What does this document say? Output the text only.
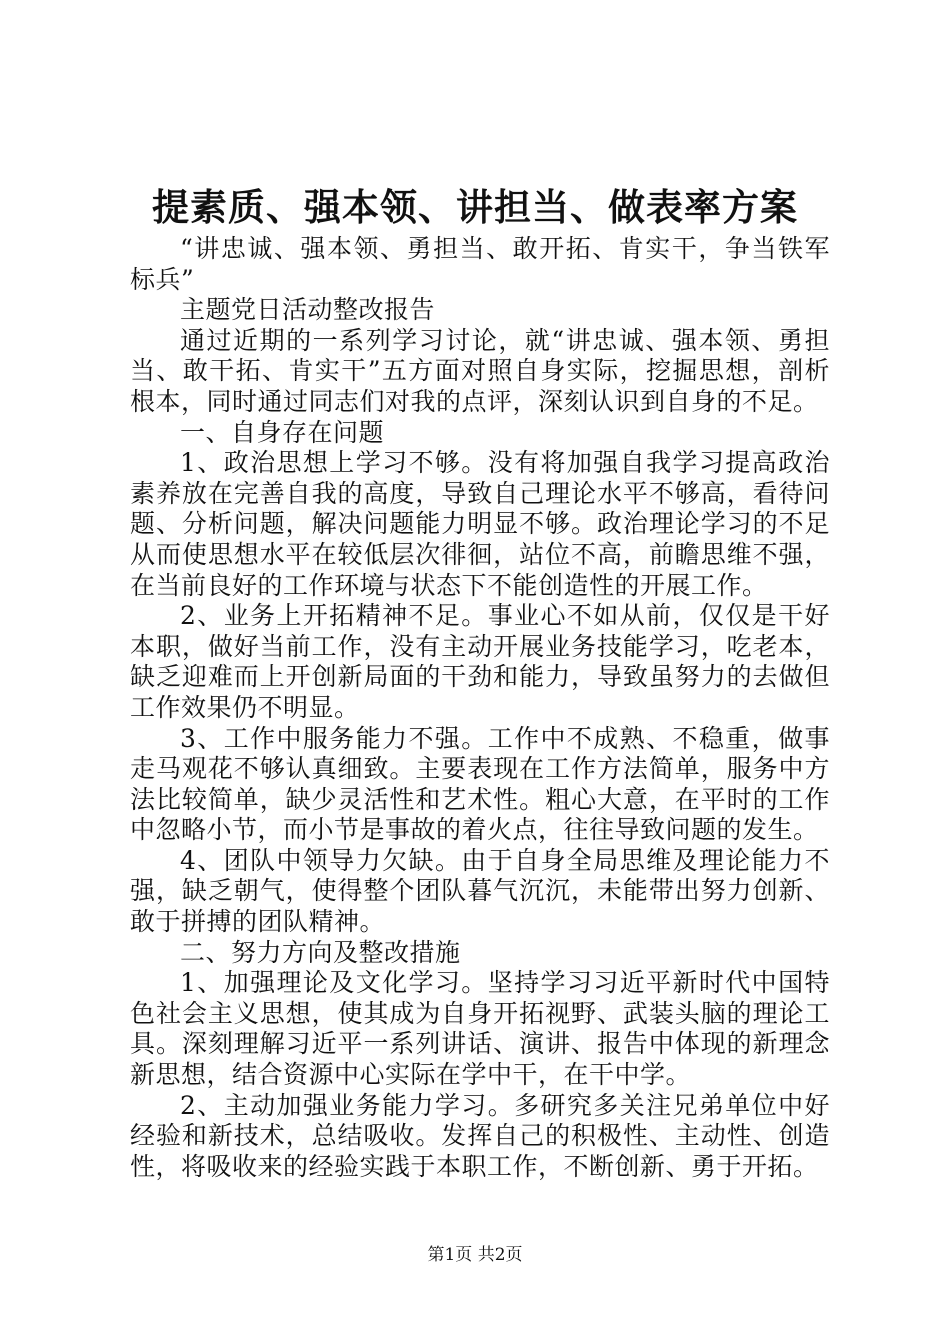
提素质、强本领、讲担当、做表率方案

“讲忠诚、强本领、勇担当、敢开拓、肯实干，争当铁军标兵”

主题党日活动整改报告

通过近期的一系列学习讨论，就“讲忠诚、强本领、勇担当、敢干拓、肯实干”五方面对照自身实际，挖掘思想，剖析根本，同时通过同志们对我的点评，深刻认识到自身的不足。

一、自身存在问题

1、政治思想上学习不够。没有将加强自我学习提高政治素养放在完善自我的高度，导致自己理论水平不够高，看待问题、分析问题，解决问题能力明显不够。政治理论学习的不足从而使思想水平在较低层次徘徊，站位不高，前瞻思维不强，在当前良好的工作环境与状态下不能创造性的开展工作。

2、业务上开拓精神不足。事业心不如从前，仅仅是干好本职，做好当前工作，没有主动开展业务技能学习，吃老本，缺乏迎难而上开创新局面的干劲和能力，导致虽努力的去做但工作效果仍不明显。

3、工作中服务能力不强。工作中不成熟、不稳重，做事走马观花不够认真细致。主要表现在工作方法简单，服务中方法比较简单，缺少灵活性和艺术性。粗心大意，在平时的工作中忽略小节，而小节是事故的着火点，往往导致问题的发生。

4、团队中领导力欠缺。由于自身全局思维及理论能力不强，缺乏朝气，使得整个团队暮气沉沉，未能带出努力创新、敢于拼搏的团队精神。

二、努力方向及整改措施

1、加强理论及文化学习。坚持学习习近平新时代中国特色社会主义思想，使其成为自身开拓视野、武装头脑的理论工具。深刻理解习近平一系列讲话、演讲、报告中体现的新理念新思想，结合资源中心实际在学中干，在干中学。

2、主动加强业务能力学习。多研究多关注兄弟单位中好经验和新技术，总结吸收。发挥自己的积极性、主动性、创造性，将吸收来的经验实践于本职工作，不断创新、勇于开拓。

第1页 共2页
